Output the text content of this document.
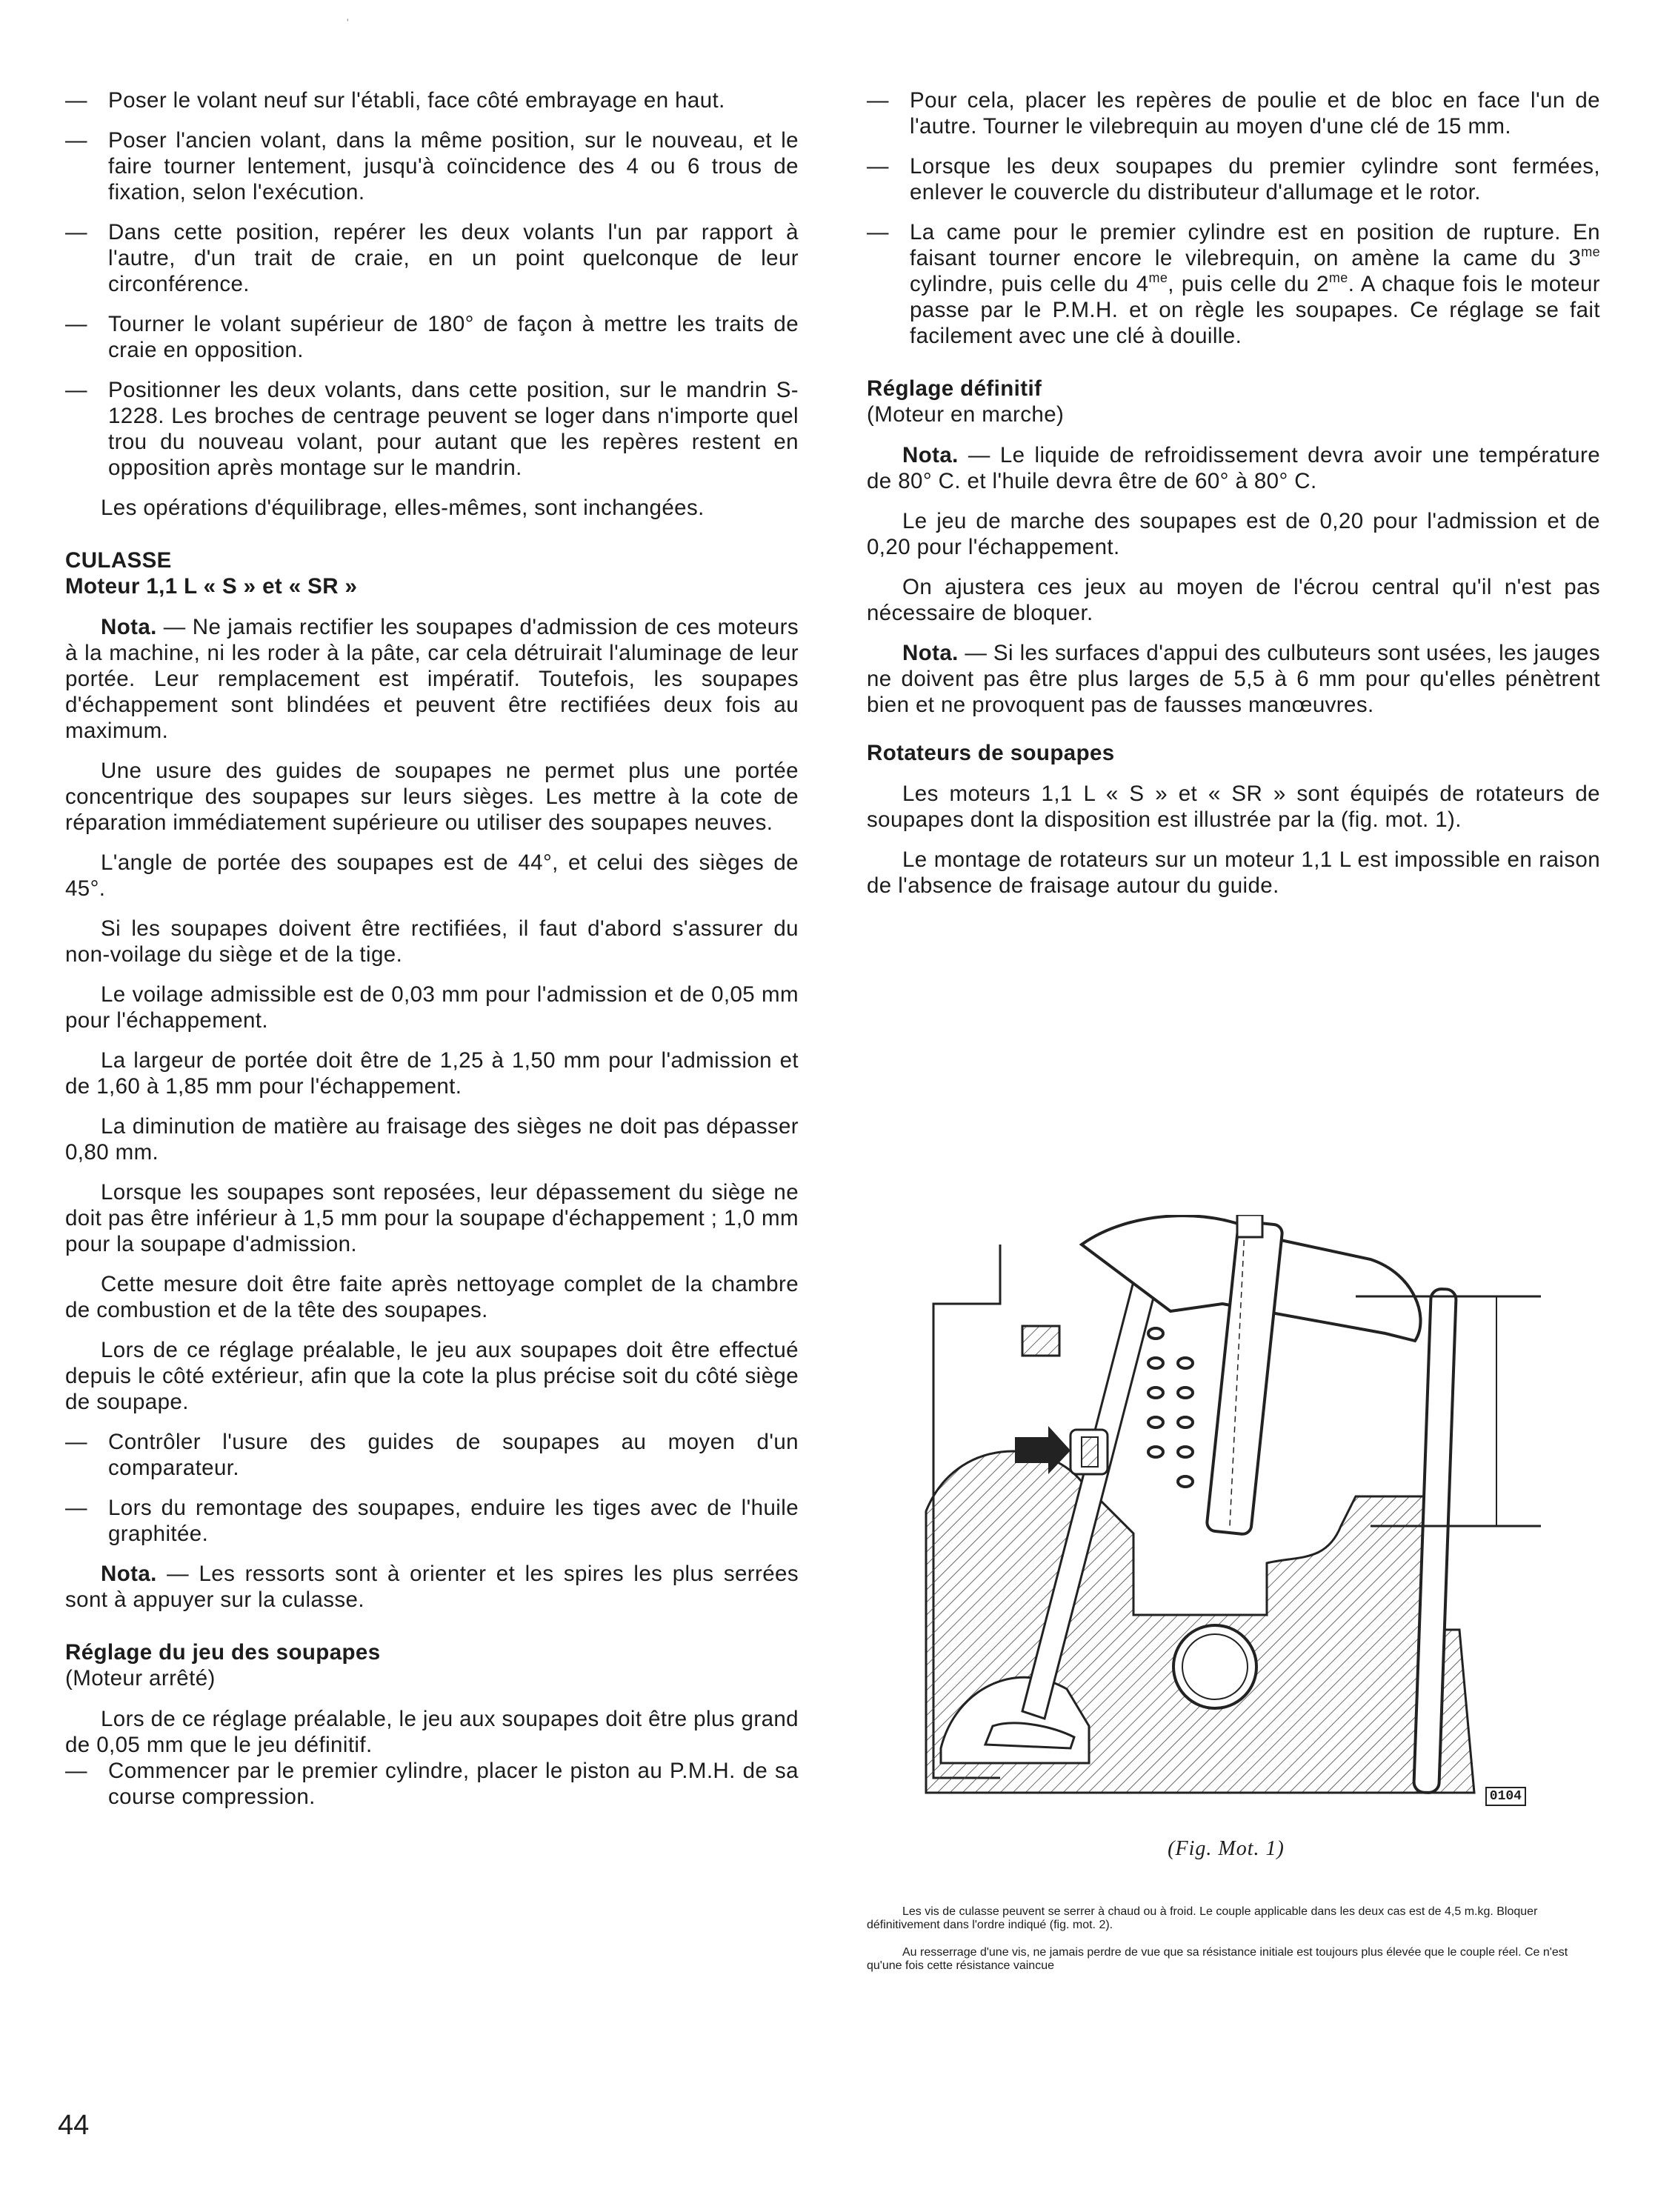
'
— Poser le volant neuf sur l'établi, face côté embrayage en haut.
— Poser l'ancien volant, dans la même position, sur le nouveau, et le faire tourner lentement, jusqu'à coïncidence des 4 ou 6 trous de fixation, selon l'exécution.
— Dans cette position, repérer les deux volants l'un par rapport à l'autre, d'un trait de craie, en un point quelconque de leur circonférence.
— Tourner le volant supérieur de 180° de façon à mettre les traits de craie en opposition.
— Positionner les deux volants, dans cette position, sur le mandrin S-1228. Les broches de centrage peuvent se loger dans n'importe quel trou du nouveau volant, pour autant que les repères restent en opposition après montage sur le mandrin.

Les opérations d'équilibrage, elles-mêmes, sont inchangées.

CULASSE
Moteur 1,1 L « S » et « SR »

Nota. — Ne jamais rectifier les soupapes d'admission de ces moteurs à la machine, ni les roder à la pâte, car cela détruirait l'aluminage de leur portée. Leur remplacement est impératif. Toutefois, les soupapes d'échappement sont blindées et peuvent être rectifiées deux fois au maximum.

Une usure des guides de soupapes ne permet plus une portée concentrique des soupapes sur leurs sièges. Les mettre à la cote de réparation immédiatement supérieure ou utiliser des soupapes neuves.

L'angle de portée des soupapes est de 44°, et celui des sièges de 45°.

Si les soupapes doivent être rectifiées, il faut d'abord s'assurer du non-voilage du siège et de la tige.

Le voilage admissible est de 0,03 mm pour l'admission et de 0,05 mm pour l'échappement.

La largeur de portée doit être de 1,25 à 1,50 mm pour l'admission et de 1,60 à 1,85 mm pour l'échappement.

La diminution de matière au fraisage des sièges ne doit pas dépasser 0,80 mm.

Lorsque les soupapes sont reposées, leur dépassement du siège ne doit pas être inférieur à 1,5 mm pour la soupape d'échappement ; 1,0 mm pour la soupape d'admission.

Cette mesure doit être faite après nettoyage complet de la chambre de combustion et de la tête des soupapes.

Lors de ce réglage préalable, le jeu aux soupapes doit être effectué depuis le côté extérieur, afin que la cote la plus précise soit du côté siège de soupape.

— Contrôler l'usure des guides de soupapes au moyen d'un comparateur.
— Lors du remontage des soupapes, enduire les tiges avec de l'huile graphitée.

Nota. — Les ressorts sont à orienter et les spires les plus serrées sont à appuyer sur la culasse.

Réglage du jeu des soupapes
(Moteur arrêté)

Lors de ce réglage préalable, le jeu aux soupapes doit être plus grand de 0,05 mm que le jeu définitif.

— Commencer par le premier cylindre, placer le piston au P.M.H. de sa course compression.
— Pour cela, placer les repères de poulie et de bloc en face l'un de l'autre. Tourner le vilebrequin au moyen d'une clé de 15 mm.
— Lorsque les deux soupapes du premier cylindre sont fermées, enlever le couvercle du distributeur d'allumage et le rotor.
— La came pour le premier cylindre est en position de rupture. En faisant tourner encore le vilebrequin, on amène la came du $3^{me}$ cylindre, puis celle du $4^{me}$, puis celle du $2^{me}$. A chaque fois le moteur passe par le P.M.H. et on règle les soupapes. Ce réglage se fait facilement avec une clé à douille.
Réglage définitif
(Moteur en marche)

Nota. — Le liquide de refroidissement devra avoir une température de 80° C. et l'huile devra être de 60° à 80° C.

Le jeu de marche des soupapes est de 0,20 pour l'admission et de 0,20 pour l'échappement.

On ajustera ces jeux au moyen de l'écrou central qu'il n'est pas nécessaire de bloquer.

Nota. — Si les surfaces d'appui des culbuteurs sont usées, les jauges ne doivent pas être plus larges de 5,5 à 6 mm pour qu'elles pénètrent bien et ne provoquent pas de fausses manœuvres.

Rotateurs de soupapes

Les moteurs 1,1 L « S » et « SR » sont équipés de rotateurs de soupapes dont la disposition est illustrée par la (fig. mot. 1).

Le montage de rotateurs sur un moteur 1,1 L est impossible en raison de l'absence de fraisage autour du guide.

0104
(Fig. Mot. 1)

Les vis de culasse peuvent se serrer à chaud ou à froid. Le couple applicable dans les deux cas est de 4,5 m.kg. Bloquer définitivement dans l'ordre indiqué (fig. mot. 2).

Au resserrage d'une vis, ne jamais perdre de vue que sa résistance initiale est toujours plus élevée que le couple réel. Ce n'est qu'une fois cette résistance vaincue

44
